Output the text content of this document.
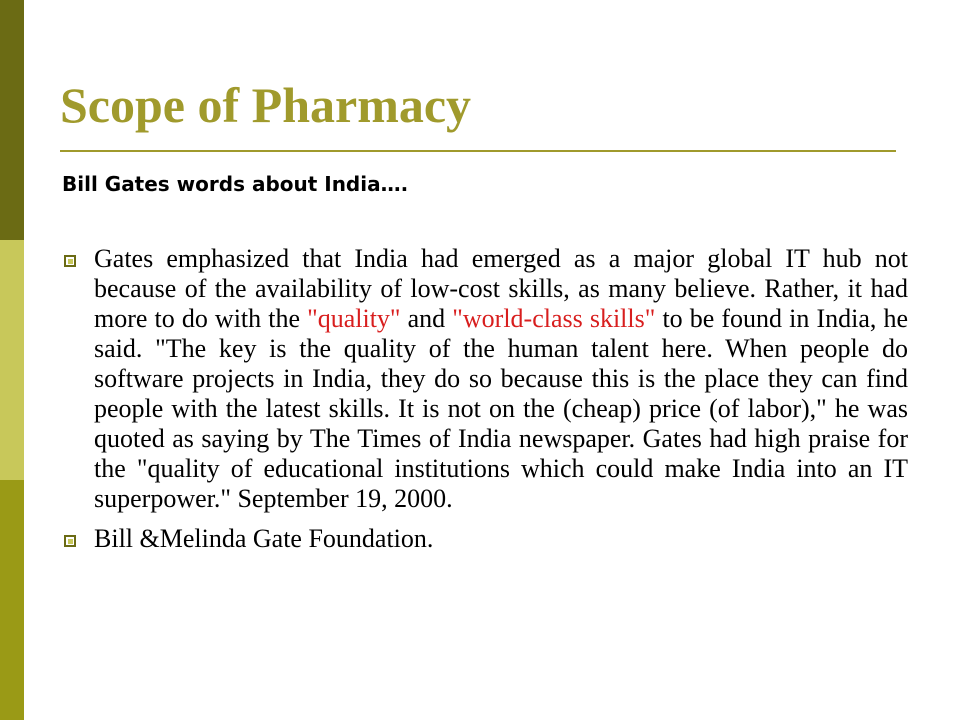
Scope of Pharmacy
Bill Gates words about India….
Gates emphasized that India had emerged as a major global IT hub not because of the availability of low-cost skills, as many believe. Rather, it had more to do with the "quality" and "world-class skills" to be found in India, he said. "The key is the quality of the human talent here. When people do software projects in India, they do so because this is the place they can find people with the latest skills. It is not on the (cheap) price (of labor)," he was quoted as saying by The Times of India newspaper. Gates had high praise for the "quality of educational institutions which could make India into an IT superpower." September 19, 2000.
Bill &Melinda Gate Foundation.
